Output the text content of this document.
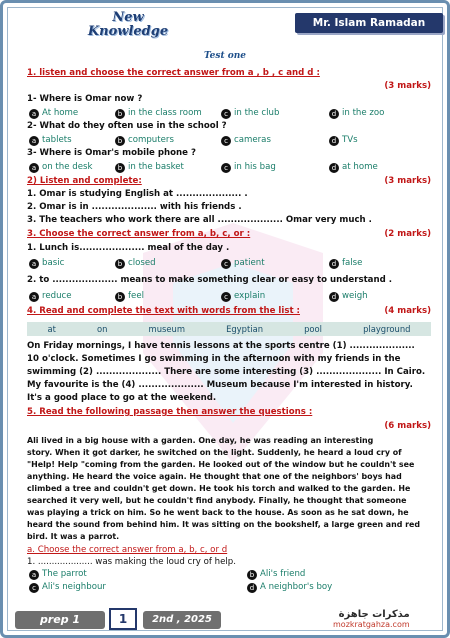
New Knowledge
Mr. Islam Ramadan
Test one
1. listen and choose the correct answer from a , b , c and d :
(3 marks)
1- Where is Omar now ?
a At home	b in the class room	c in the club	d in the zoo
2- What do they often use in the school ?
a tablets	b computers	c cameras	d TVs
3- Where is Omar's mobile phone ?
a on the desk	b in the basket	c in his bag	d at home
2) Listen and complete:	(3 marks)
1. Omar is studying English at .................... .
2. Omar is in .................... with his friends .
3. The teachers who work there are all .................... Omar very much .
3. Choose the correct answer from a, b, c, or :	(2 marks)
1. Lunch is.................... meal of the day .
a basic	b closed	c patient	d false
2. to .................... means to make something clear or easy to understand .
a reduce	b feel	c explain	d weigh
4. Read and complete the text with words from the list :	(4 marks)
at	on	museum	Egyptian	pool	playground
On Friday mornings, I have tennis lessons at the sports centre (1) ....................
10 o'clock. Sometimes I go swimming in the afternoon with my friends in the
swimming (2) .................... There are some interesting (3) .................... In Cairo.
My favourite is the (4) .................... Museum because I'm interested in history.
It's a good place to go at the weekend.
5. Read the following passage then answer the questions :
(6 marks)
Ali lived in a big house with a garden. One day, he was reading an interesting
story. When it got darker, he switched on the light. Suddenly, he heard a loud cry of
"Help! Help "coming from the garden. He looked out of the window but he couldn't see
anything. He heard the voice again. He thought that one of the neighbors' boys had
climbed a tree and couldn't get down. He took his torch and walked to the garden. He
searched it very well, but he couldn't find anybody. Finally, he thought that someone
was playing a trick on him. So he went back to the house. As soon as he sat down, he
heard the sound from behind him. It was sitting on the bookshelf, a large green and red
bird. It was a parrot.
a. Choose the correct answer from a, b, c, or d
1. .................... was making the loud cry of help.
a The parrot	b Ali's friend
c Ali's neighbour	d A neighbor's boy
prep 1	1	2nd , 2025	مذكرات جاهزة
mozkratgahza.com
